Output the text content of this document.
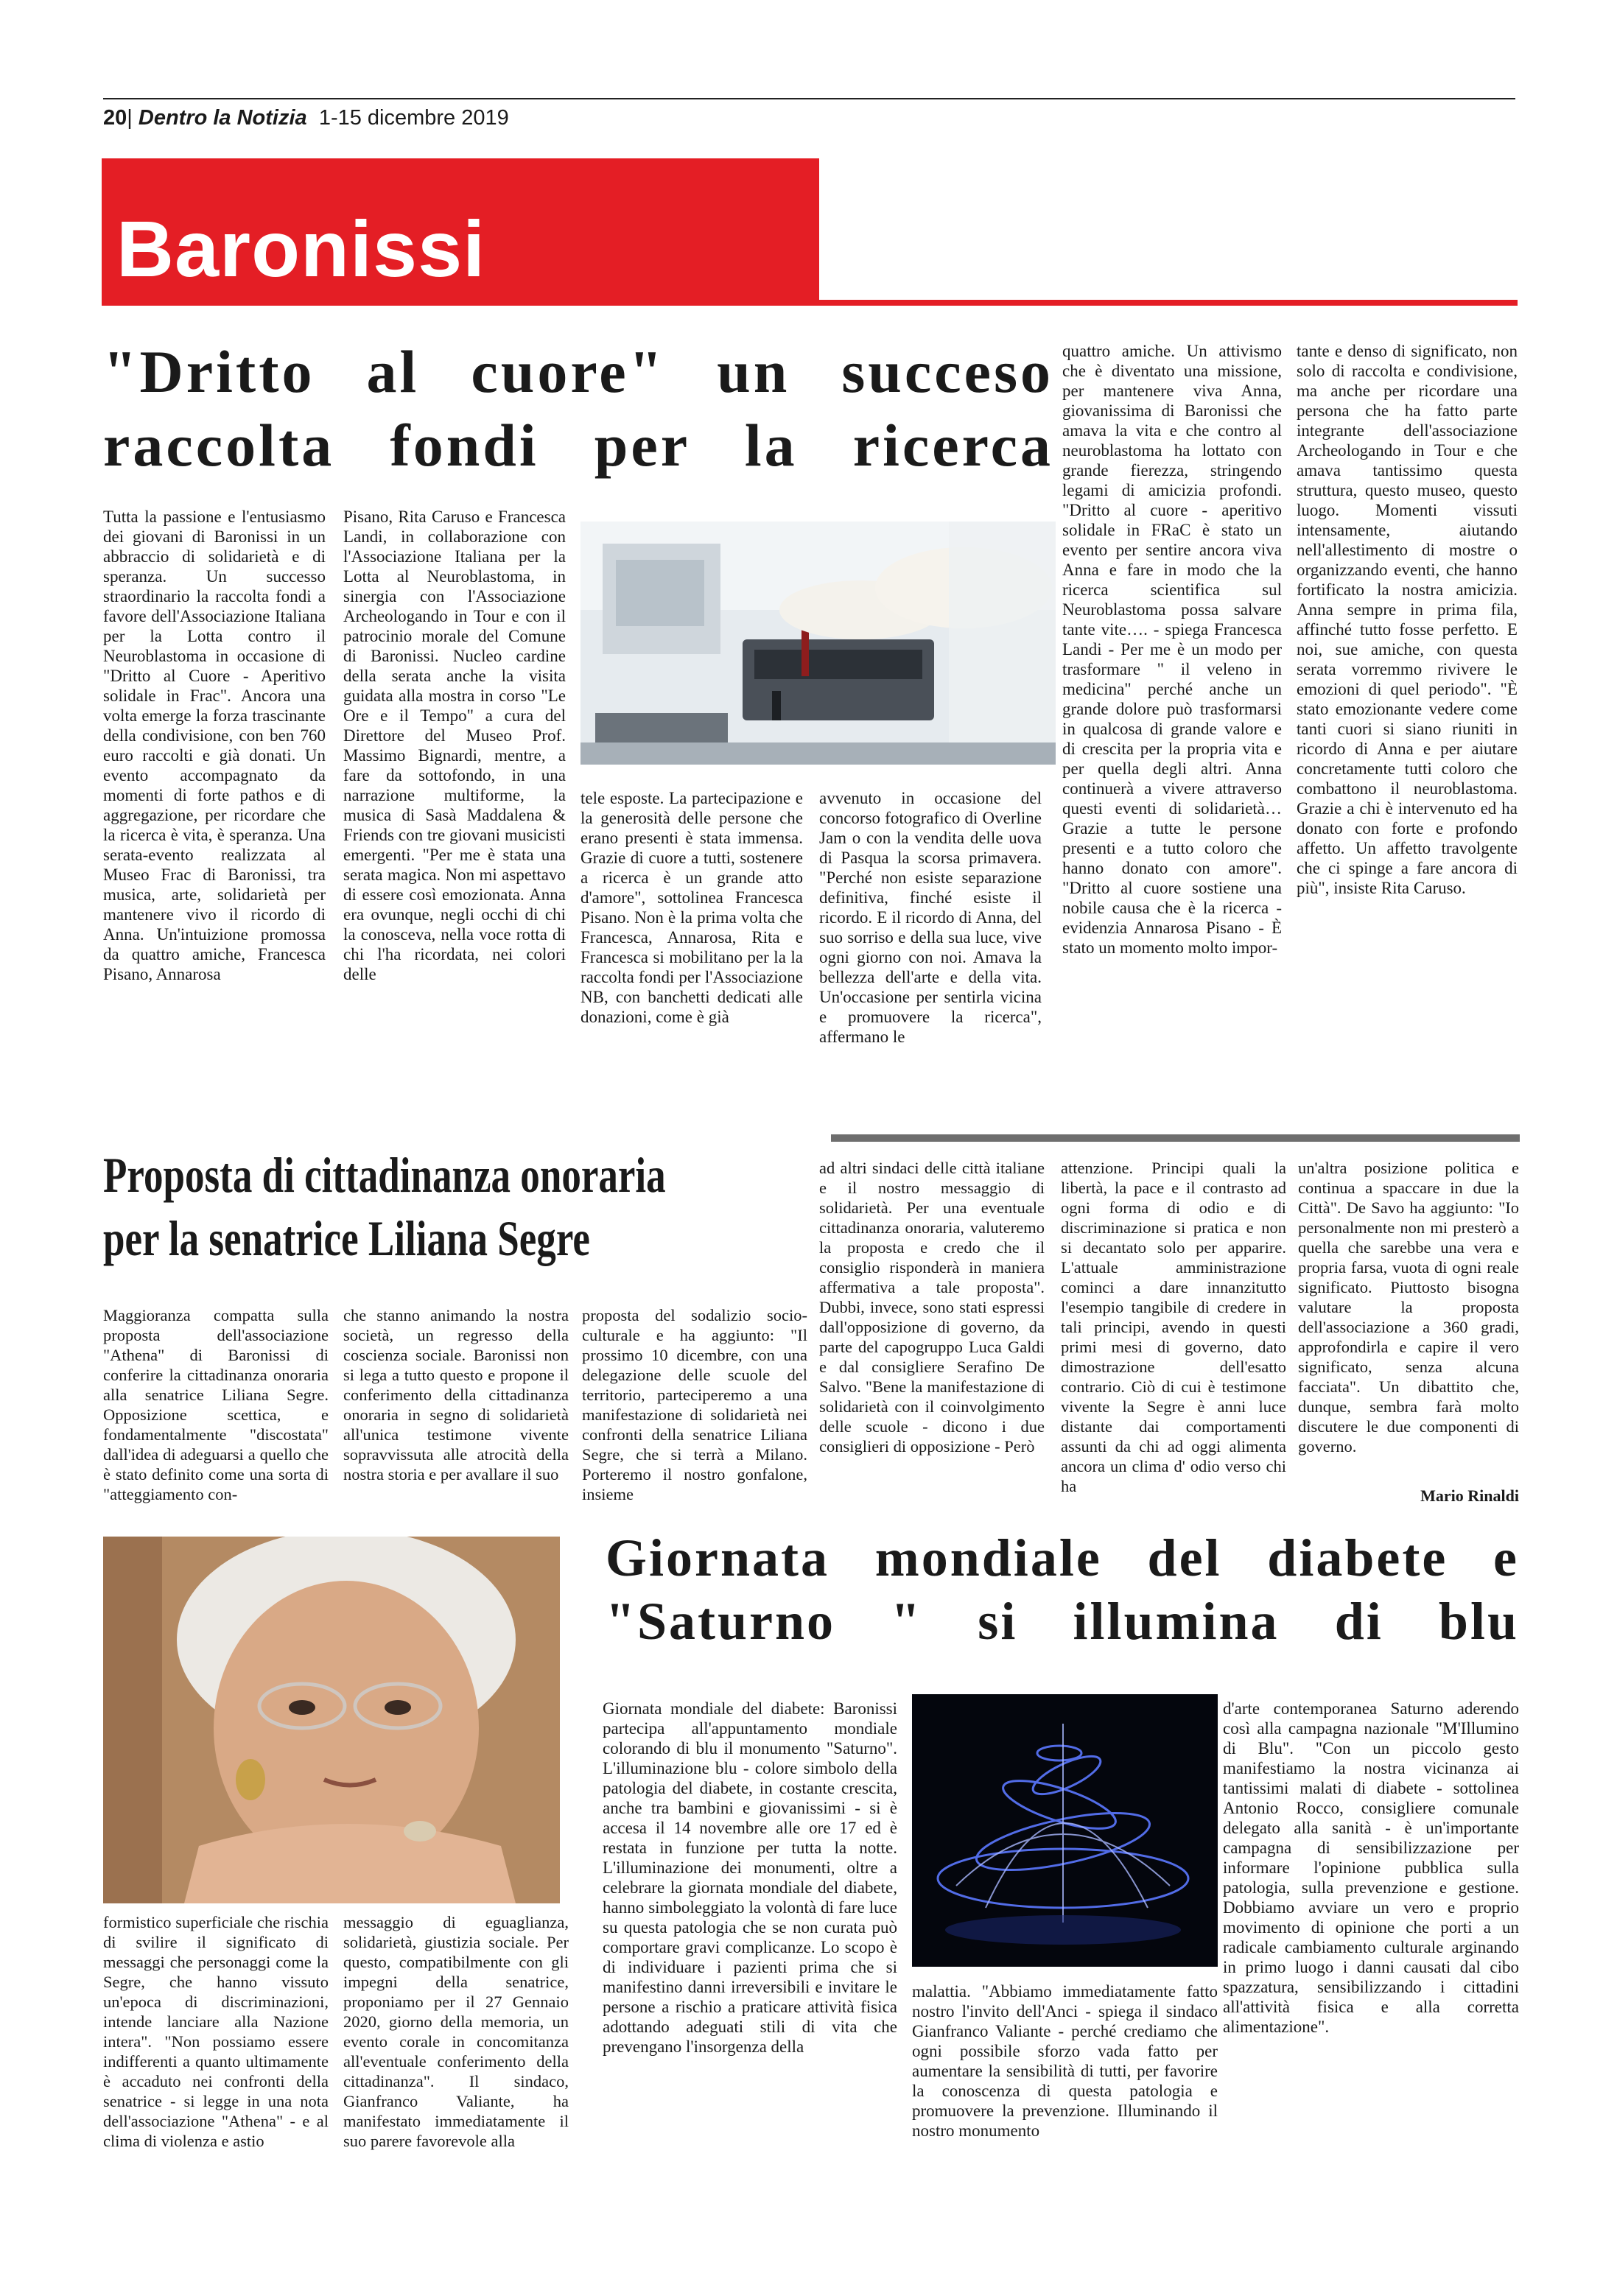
20| Dentro la Notizia 1-15 dicembre 2019
Baronissi
"Dritto al cuore" un succeso
raccolta fondi per la ricerca
Tutta la passione e l'entusiasmo dei giovani di Baronissi in un abbraccio di solidarietà e di speranza. Un successo straordinario la raccolta fondi a favore dell'Associazione Italiana per la Lotta contro il Neuroblastoma in occasione di "Dritto al Cuore - Aperitivo solidale in Frac". Ancora una volta emerge la forza trascinante della condivisione, con ben 760 euro raccolti e già donati. Un evento accompagnato da momenti di forte pathos e di aggregazione, per ricordare che la ricerca è vita, è speranza. Una serata-evento realizzata al Museo Frac di Baronissi, tra musica, arte, solidarietà per mantenere vivo il ricordo di Anna. Un'intuizione promossa da quattro amiche, Francesca Pisano, Annarosa
Pisano, Rita Caruso e Francesca Landi, in collaborazione con l'Associazione Italiana per la Lotta al Neuroblastoma, in sinergia con l'Associazione Archeologando in Tour e con il patrocinio morale del Comune di Baronissi. Nucleo cardine della serata anche la visita guidata alla mostra in corso "Le Ore e il Tempo" a cura del Direttore del Museo Prof. Massimo Bignardi, mentre, a fare da sottofondo, in una narrazione multiforme, la musica di Sasà Maddalena & Friends con tre giovani musicisti emergenti. "Per me è stata una serata magica. Non mi aspettavo di essere così emozionata. Anna era ovunque, negli occhi di chi la conosceva, nella voce rotta di chi l'ha ricordata, nei colori delle
tele esposte. La partecipazione e la generosità delle persone che erano presenti è stata immensa. Grazie di cuore a tutti, sostenere a ricerca è un grande atto d'amore", sottolinea Francesca Pisano. Non è la prima volta che Francesca, Annarosa, Rita e Francesca si mobilitano per la la raccolta fondi per l'Associazione NB, con banchetti dedicati alle donazioni, come è già
avvenuto in occasione del concorso fotografico di Overline Jam o con la vendita delle uova di Pasqua la scorsa primavera. "Perché non esiste separazione definitiva, finché esiste il ricordo. E il ricordo di Anna, del suo sorriso e della sua luce, vive ogni giorno con noi. Amava la bellezza dell'arte e della vita. Un'occasione per sentirla vicina e promuovere la ricerca", affermano le
quattro amiche. Un attivismo che è diventato una missione, per mantenere viva Anna, giovanissima di Baronissi che amava la vita e che contro al neuroblastoma ha lottato con grande fierezza, stringendo legami di amicizia profondi. "Dritto al cuore - aperitivo solidale in FRaC è stato un evento per sentire ancora viva Anna e fare in modo che la ricerca scientifica sul Neuroblastoma possa salvare tante vite…. - spiega Francesca Landi - Per me è un modo per trasformare " il veleno in medicina" perché anche un grande dolore può trasformarsi in qualcosa di grande valore e di crescita per la propria vita e per quella degli altri. Anna continuerà a vivere attraverso questi eventi di solidarietà… Grazie a tutte le persone presenti e a tutto coloro che hanno donato con amore". "Dritto al cuore sostiene una nobile causa che è la ricerca - evidenzia Annarosa Pisano - È stato un momento molto impor-
tante e denso di significato, non solo di raccolta e condivisione, ma anche per ricordare una persona che ha fatto parte integrante dell'associazione Archeologando in Tour e che amava tantissimo questa struttura, questo museo, questo luogo. Momenti vissuti intensamente, aiutando nell'allestimento di mostre o organizzando eventi, che hanno fortificato la nostra amicizia. Anna sempre in prima fila, affinché tutto fosse perfetto. E noi, sue amiche, con questa serata vorremmo rivivere le emozioni di quel periodo". "È stato emozionante vedere come tanti cuori si siano riuniti in ricordo di Anna e per aiutare concretamente tutti coloro che combattono il neuroblastoma. Grazie a chi è intervenuto ed ha donato con forte e profondo affetto. Un affetto travolgente che ci spinge a fare ancora di più", insiste Rita Caruso.
Proposta di cittadinanza onoraria
per la senatrice Liliana Segre
Maggioranza compatta sulla proposta dell'associazione "Athena" di Baronissi di conferire la cittadinanza onoraria alla senatrice Liliana Segre. Opposizione scettica, e fondamentalmente "discostata" dall'idea di adeguarsi a quello che è stato definito come una sorta di "atteggiamento con-
che stanno animando la nostra società, un regresso della coscienza sociale. Baronissi non si lega a tutto questo e propone il conferimento della cittadinanza onoraria in segno di solidarietà all'unica testimone vivente sopravvissuta alle atrocità della nostra storia e per avallare il suo
proposta del sodalizio socio-culturale e ha aggiunto: "Il prossimo 10 dicembre, con una delegazione delle scuole del territorio, parteciperemo a una manifestazione di solidarietà nei confronti della senatrice Liliana Segre, che si terrà a Milano. Porteremo il nostro gonfalone, insieme
ad altri sindaci delle città italiane e il nostro messaggio di solidarietà. Per una eventuale cittadinanza onoraria, valuteremo la proposta e credo che il consiglio risponderà in maniera affermativa a tale proposta". Dubbi, invece, sono stati espressi dall'opposizione di governo, da parte del capogruppo Luca Galdi e dal consigliere Serafino De Salvo. "Bene la manifestazione di solidarietà con il coinvolgimento delle scuole - dicono i due consiglieri di opposizione - Però
attenzione. Principi quali la libertà, la pace e il contrasto ad ogni forma di odio e di discriminazione si pratica e non si decantato solo per apparire. L'attuale amministrazione cominci a dare innanzitutto l'esempio tangibile di credere in tali principi, avendo in questi primi mesi di governo, dato dimostrazione dell'esatto contrario. Ciò di cui è testimone vivente la Segre è anni luce distante dai comportamenti assunti da chi ad oggi alimenta ancora un clima d' odio verso chi ha
un'altra posizione politica e continua a spaccare in due la Città". De Savo ha aggiunto: "Io personalmente non mi presterò a quella che sarebbe una vera e propria farsa, vuota di ogni reale significato. Piuttosto bisogna valutare la proposta dell'associazione a 360 gradi, approfondirla e capire il vero significato, senza alcuna facciata". Un dibattito che, dunque, sembra farà molto discutere le due componenti di governo.
Mario Rinaldi
formistico superficiale che rischia di svilire il significato di messaggi che personaggi come la Segre, che hanno vissuto un'epoca di discriminazioni, intende lanciare alla Nazione intera". "Non possiamo essere indifferenti a quanto ultimamente è accaduto nei confronti della senatrice - si legge in una nota dell'associazione "Athena" - e al clima di violenza e astio
messaggio di eguaglianza, solidarietà, giustizia sociale. Per questo, compatibilmente con gli impegni della senatrice, proponiamo per il 27 Gennaio 2020, giorno della memoria, un evento corale in concomitanza all'eventuale conferimento della cittadinanza". Il sindaco, Gianfranco Valiante, ha manifestato immediatamente il suo parere favorevole alla
Giornata mondiale del diabete e
"Saturno " si illumina di blu
Giornata mondiale del diabete: Baronissi partecipa all'appuntamento mondiale colorando di blu il monumento "Saturno". L'illuminazione blu - colore simbolo della patologia del diabete, in costante crescita, anche tra bambini e giovanissimi - si è accesa il 14 novembre alle ore 17 ed è restata in funzione per tutta la notte. L'illuminazione dei monumenti, oltre a celebrare la giornata mondiale del diabete, hanno simboleggiato la volontà di fare luce su questa patologia che se non curata può comportare gravi complicanze. Lo scopo è di individuare i pazienti prima che si manifestino danni irreversibili e invitare le persone a rischio a praticare attività fisica adottando adeguati stili di vita che prevengano l'insorgenza della
malattia. "Abbiamo immediatamente fatto nostro l'invito dell'Anci - spiega il sindaco Gianfranco Valiante - perché crediamo che ogni possibile sforzo vada fatto per aumentare la sensibilità di tutti, per favorire la conoscenza di questa patologia e promuovere la prevenzione. Illuminando il nostro monumento
d'arte contemporanea Saturno aderendo così alla campagna nazionale "M'Illumino di Blu". "Con un piccolo gesto manifestiamo la nostra vicinanza ai tantissimi malati di diabete - sottolinea Antonio Rocco, consigliere comunale delegato alla sanità - è un'importante campagna di sensibilizzazione per informare l'opinione pubblica sulla patologia, sulla prevenzione e gestione. Dobbiamo avviare un vero e proprio movimento di opinione che porti a un radicale cambiamento culturale arginando in primo luogo i danni causati dal cibo spazzatura, sensibilizzando i cittadini all'attività fisica e alla corretta alimentazione".
